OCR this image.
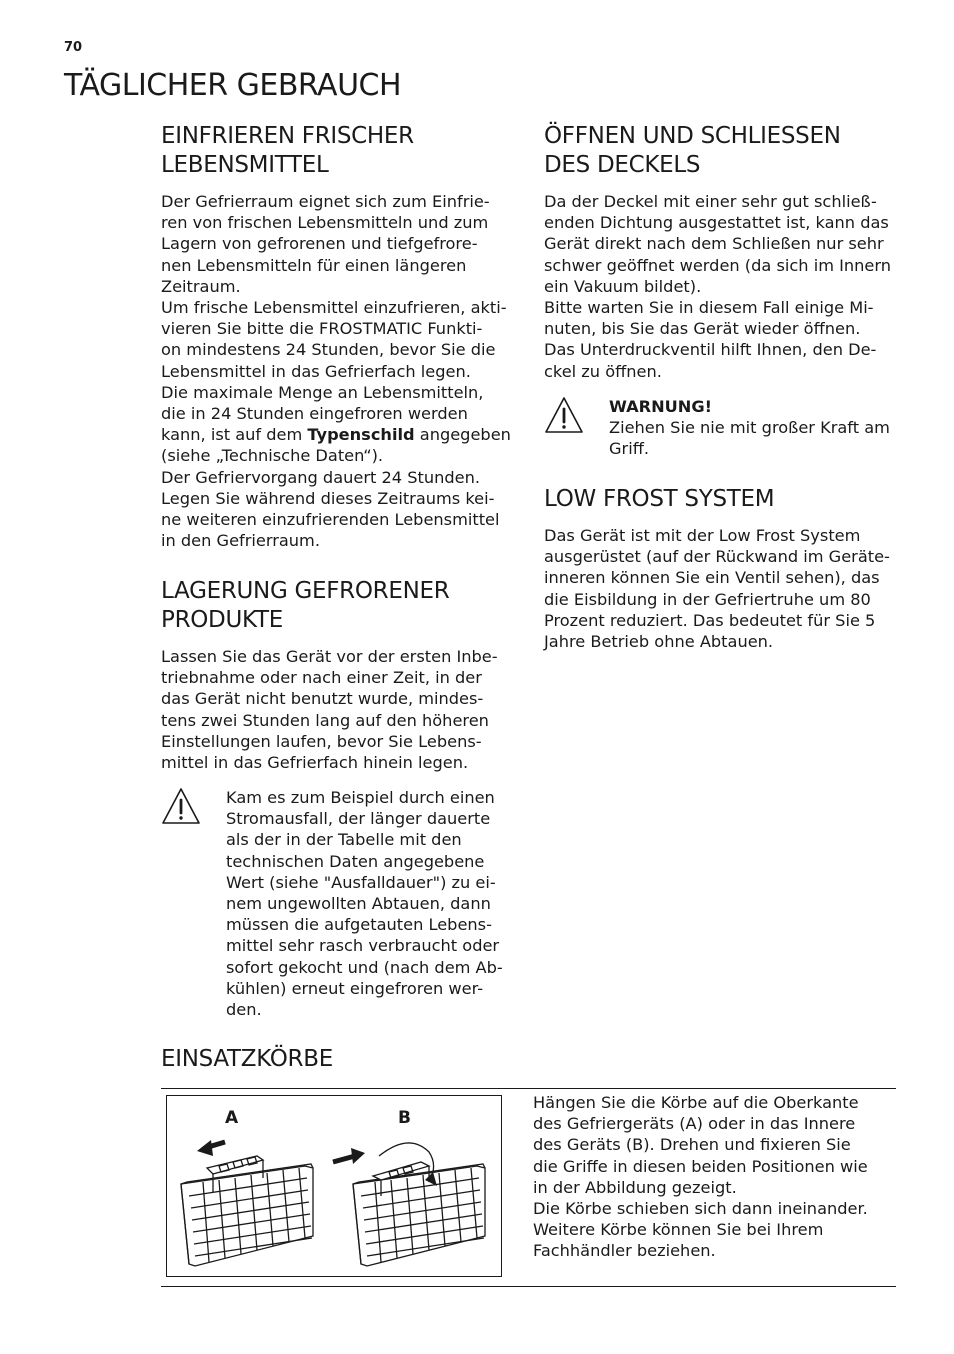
70
TÄGLICHER GEBRAUCH
EINFRIEREN FRISCHER
LEBENSMITTEL

Der Gefrierraum eignet sich zum Einfrie-
ren von frischen Lebensmitteln und zum
Lagern von gefrorenen und tiefgefrore-
nen Lebensmitteln für einen längeren
Zeitraum.
Um frische Lebensmittel einzufrieren, akti-
vieren Sie bitte die FROSTMATIC Funkti-
on mindestens 24 Stunden, bevor Sie die
Lebensmittel in das Gefrierfach legen.
Die maximale Menge an Lebensmitteln,
die in 24 Stunden eingefroren werden
kann, ist auf dem Typenschild angegeben
(siehe „Technische Daten“).
Der Gefriervorgang dauert 24 Stunden.
Legen Sie während dieses Zeitraums kei-
ne weiteren einzufrierenden Lebensmittel
in den Gefrierraum.

LAGERUNG GEFRORENER
PRODUKTE

Lassen Sie das Gerät vor der ersten Inbe-
triebnahme oder nach einer Zeit, in der
das Gerät nicht benutzt wurde, mindes-
tens zwei Stunden lang auf den höheren
Einstellungen laufen, bevor Sie Lebens-
mittel in das Gefrierfach hinein legen.

Kam es zum Beispiel durch einen
Stromausfall, der länger dauerte
als der in der Tabelle mit den
technischen Daten angegebene
Wert (siehe "Ausfalldauer") zu ei-
nem ungewollten Abtauen, dann
müssen die aufgetauten Lebens-
mittel sehr rasch verbraucht oder
sofort gekocht und (nach dem Ab-
kühlen) erneut eingefroren wer-
den.
ÖFFNEN UND SCHLIESSEN
DES DECKELS

Da der Deckel mit einer sehr gut schließ-
enden Dichtung ausgestattet ist, kann das
Gerät direkt nach dem Schließen nur sehr
schwer geöffnet werden (da sich im Innern
ein Vakuum bildet).
Bitte warten Sie in diesem Fall einige Mi-
nuten, bis Sie das Gerät wieder öffnen.
Das Unterdruckventil hilft Ihnen, den De-
ckel zu öffnen.

WARNUNG!
Ziehen Sie nie mit großer Kraft am
Griff.
LOW FROST SYSTEM

Das Gerät ist mit der Low Frost System
ausgerüstet (auf der Rückwand im Geräte-
inneren können Sie ein Ventil sehen), das
die Eisbildung in der Gefriertruhe um 80
Prozent reduziert. Das bedeutet für Sie 5
Jahre Betrieb ohne Abtauen.

EINSATZKÖRBE
A	B

Hängen Sie die Körbe auf die Oberkante
des Gefriergeräts (A) oder in das Innere
des Geräts (B). Drehen und fixieren Sie
die Griffe in diesen beiden Positionen wie
in der Abbildung gezeigt.
Die Körbe schieben sich dann ineinander.
Weitere Körbe können Sie bei Ihrem
Fachhändler beziehen.
